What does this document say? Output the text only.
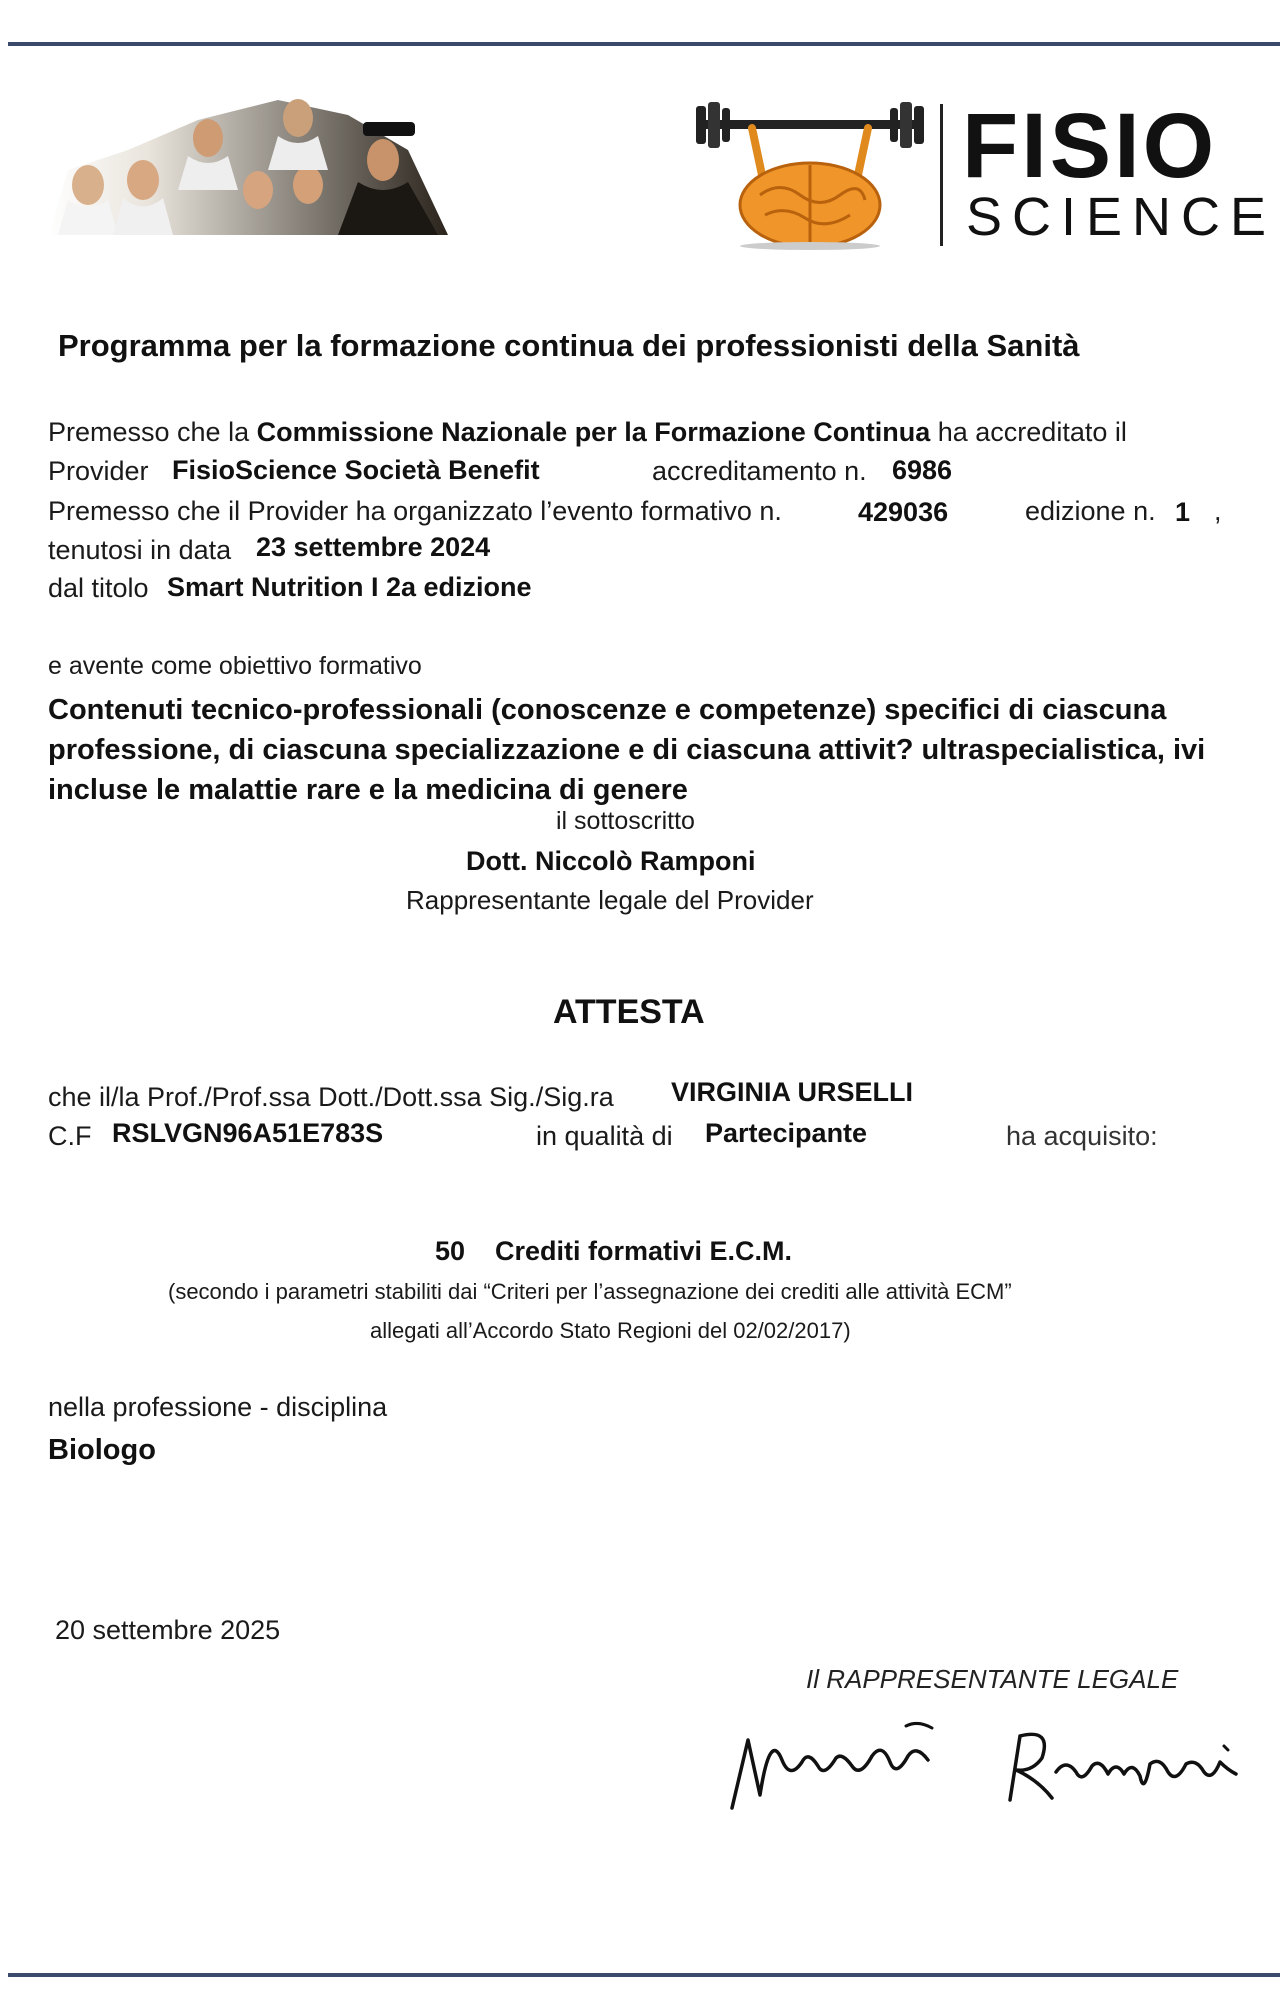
FISIO
SCIENCE
Programma per la formazione continua dei professionisti della Sanità
Premesso che la Commissione Nazionale per la Formazione Continua ha accreditato il
Provider FisioScience Società Benefit	accreditamento n. 6986
Premesso che il Provider ha organizzato l’evento formativo n.	429036	edizione n. 1 ,
tenutosi in data 23 settembre 2024
dal titolo Smart Nutrition I 2a edizione
e avente come obiettivo formativo
Contenuti tecnico-professionali (conoscenze e competenze) specifici di ciascuna professione, di ciascuna specializzazione e di ciascuna attivit? ultraspecialistica, ivi incluse le malattie rare e la medicina di genere
il sottoscritto
Dott. Niccolò Ramponi
Rappresentante legale del Provider
ATTESTA
che il/la Prof./Prof.ssa Dott./Dott.ssa Sig./Sig.ra VIRGINIA URSELLI
C.F RSLVGN96A51E783S	in qualità di Partecipante	ha acquisito:
50 Crediti formativi E.C.M.
(secondo i parametri stabiliti dai “Criteri per l’assegnazione dei crediti alle attività ECM”
allegati all’Accordo Stato Regioni del 02/02/2017)
nella professione - disciplina
Biologo
20 settembre 2025
Il RAPPRESENTANTE LEGALE
